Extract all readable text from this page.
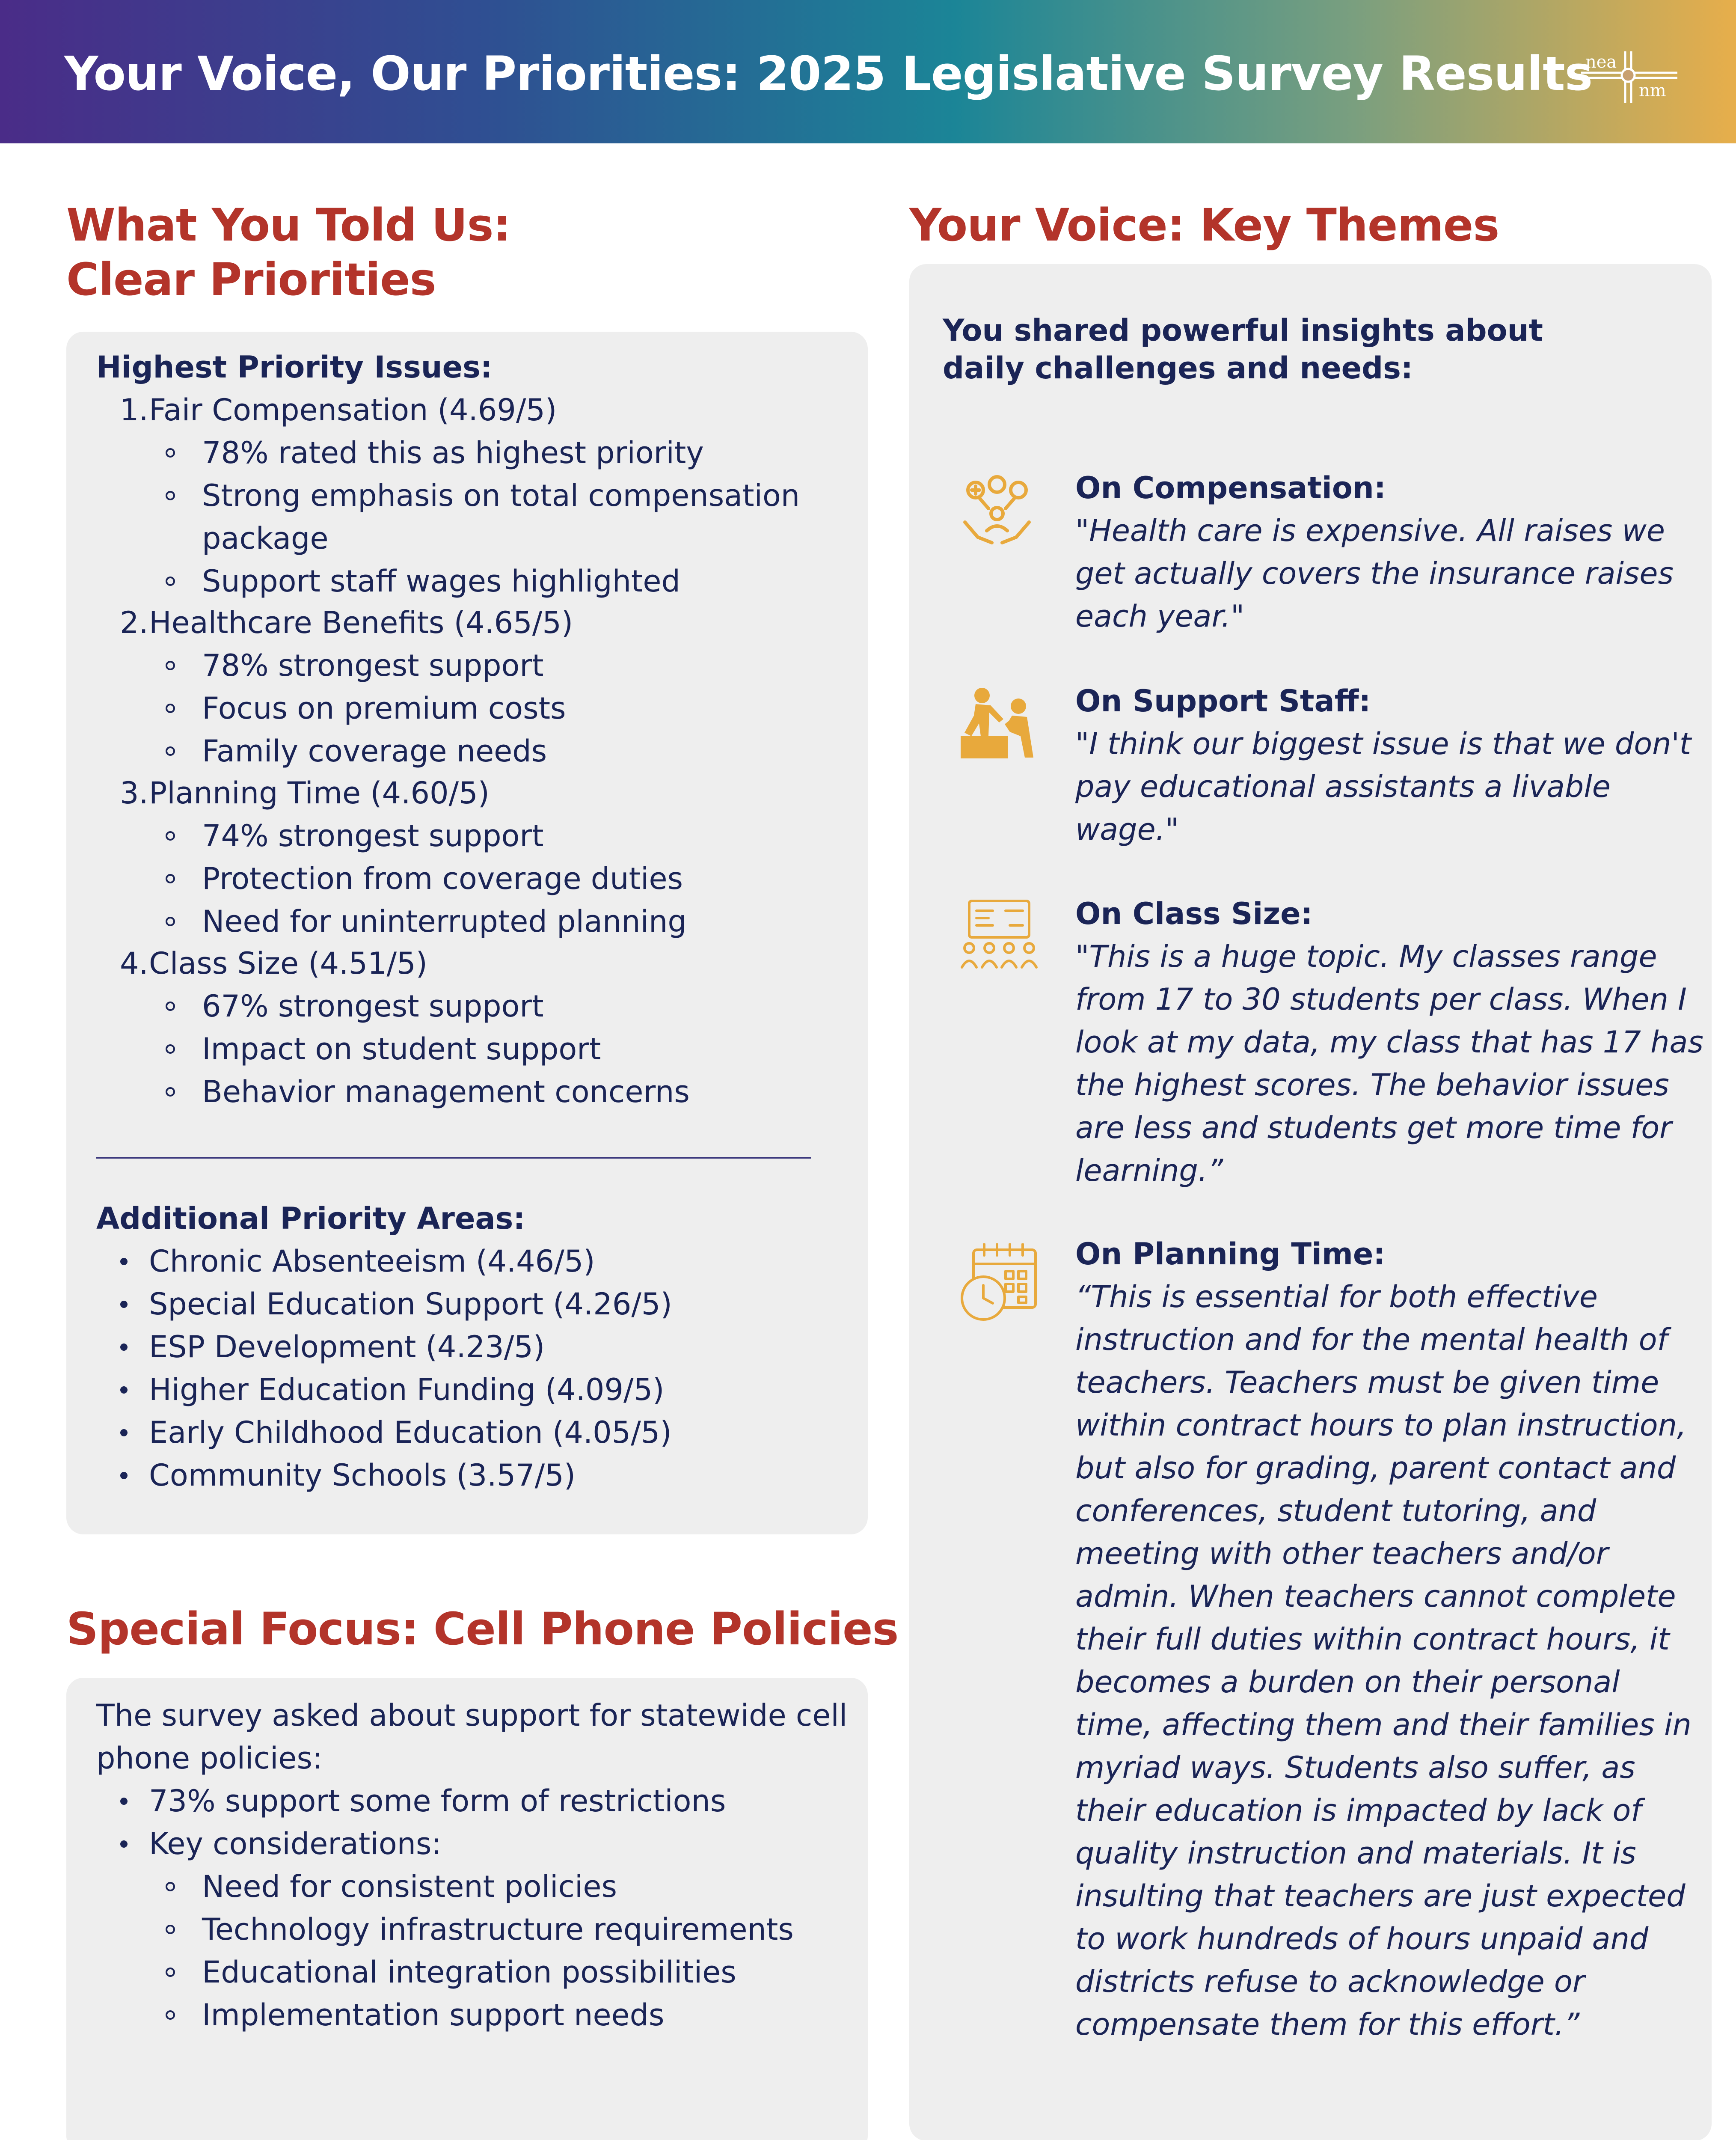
Your Voice, Our Priorities: 2025 Legislative Survey Results
nea
nm
What You Told Us:
Clear Priorities
Highest Priority Issues:
1. Fair Compensation (4.69/5)
78% rated this as highest priority
Strong emphasis on total compensation
package
Support staff wages highlighted
2. Healthcare Benefits (4.65/5)
78% strongest support
Focus on premium costs
Family coverage needs
3. Planning Time (4.60/5)
74% strongest support
Protection from coverage duties
Need for uninterrupted planning
4. Class Size (4.51/5)
67% strongest support
Impact on student support
Behavior management concerns
Additional Priority Areas:
Chronic Absenteeism (4.46/5)
Special Education Support (4.26/5)
ESP Development (4.23/5)
Higher Education Funding (4.09/5)
Early Childhood Education (4.05/5)
Community Schools (3.57/5)
Special Focus: Cell Phone Policies
The survey asked about support for statewide cell
phone policies:
73% support some form of restrictions
Key considerations:
Need for consistent policies
Technology infrastructure requirements
Educational integration possibilities
Implementation support needs
Your Voice: Key Themes
You shared powerful insights about
daily challenges and needs:
On Compensation:
"Health care is expensive. All raises we
get actually covers the insurance raises
each year."
On Support Staff:
"I think our biggest issue is that we don't
pay educational assistants a livable
wage."
On Class Size:
"This is a huge topic. My classes range
from 17 to 30 students per class. When I
look at my data, my class that has 17 has
the highest scores. The behavior issues
are less and students get more time for
learning.”
On Planning Time:
“This is essential for both effective
instruction and for the mental health of
teachers. Teachers must be given time
within contract hours to plan instruction,
but also for grading, parent contact and
conferences, student tutoring, and
meeting with other teachers and/or
admin. When teachers cannot complete
their full duties within contract hours, it
becomes a burden on their personal
time, affecting them and their families in
myriad ways. Students also suffer, as
their education is impacted by lack of
quality instruction and materials. It is
insulting that teachers are just expected
to work hundreds of hours unpaid and
districts refuse to acknowledge or
compensate them for this effort.”
